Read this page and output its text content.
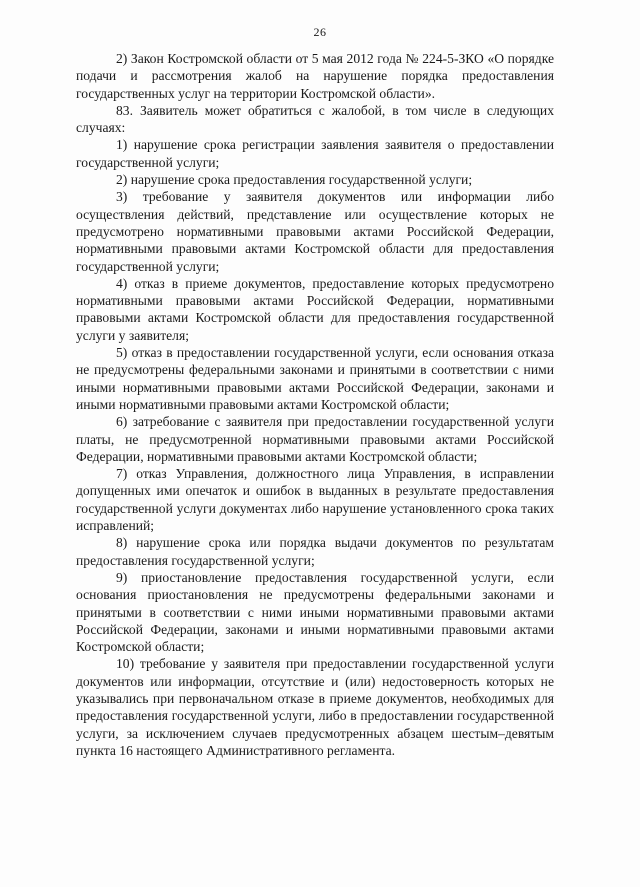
26

2) Закон Костромской области от 5 мая 2012 года № 224-5-ЗКО «О порядке подачи и рассмотрения жалоб на нарушение порядка предоставления государственных услуг на территории Костромской области».

83. Заявитель может обратиться с жалобой, в том числе в следующих случаях:

1) нарушение срока регистрации заявления заявителя о предоставлении государственной услуги;

2) нарушение срока предоставления государственной услуги;

3) требование у заявителя документов или информации либо осуществления действий, представление или осуществление которых не предусмотрено нормативными правовыми актами Российской Федерации, нормативными правовыми актами Костромской области для предоставления государственной услуги;

4) отказ в приеме документов, предоставление которых предусмотрено нормативными правовыми актами Российской Федерации, нормативными правовыми актами Костромской области для предоставления государственной услуги у заявителя;

5) отказ в предоставлении государственной услуги, если основания отказа не предусмотрены федеральными законами и принятыми в соответствии с ними иными нормативными правовыми актами Российской Федерации, законами и иными нормативными правовыми актами Костромской области;

6) затребование с заявителя при предоставлении государственной услуги платы, не предусмотренной нормативными правовыми актами Российской Федерации, нормативными правовыми актами Костромской области;

7) отказ Управления, должностного лица Управления, в исправлении допущенных ими опечаток и ошибок в выданных в результате предоставления государственной услуги документах либо нарушение установленного срока таких исправлений;

8) нарушение срока или порядка выдачи документов по результатам предоставления государственной услуги;

9) приостановление предоставления государственной услуги, если основания приостановления не предусмотрены федеральными законами и принятыми в соответствии с ними иными нормативными правовыми актами Российской Федерации, законами и иными нормативными правовыми актами Костромской области;

10) требование у заявителя при предоставлении государственной услуги документов или информации, отсутствие и (или) недостоверность которых не указывались при первоначальном отказе в приеме документов, необходимых для предоставления государственной услуги, либо в предоставлении государственной услуги, за исключением случаев предусмотренных абзацем шестым–девятым пункта 16 настоящего Административного регламента.
